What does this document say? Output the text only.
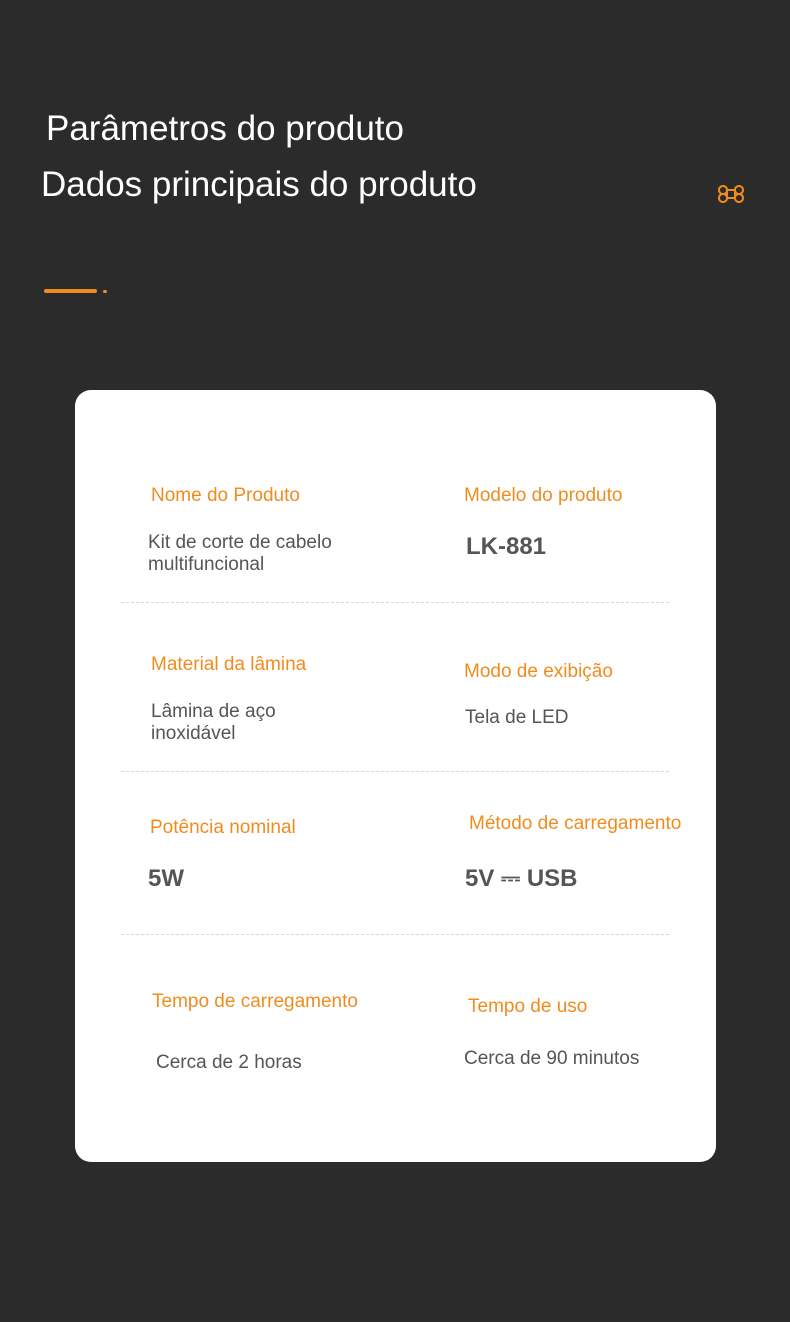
Parâmetros do produto
Dados principais do produto
Nome do Produto
Kit de corte de cabelo multifuncional
Modelo do produto
LK-881
Material da lâmina
Lâmina de aço inoxidável
Modo de exibição
Tela de LED
Potência nominal
5W
Método de carregamento
5V ⎓ USB
Tempo de carregamento
Cerca de 2 horas
Tempo de uso
Cerca de 90 minutos
